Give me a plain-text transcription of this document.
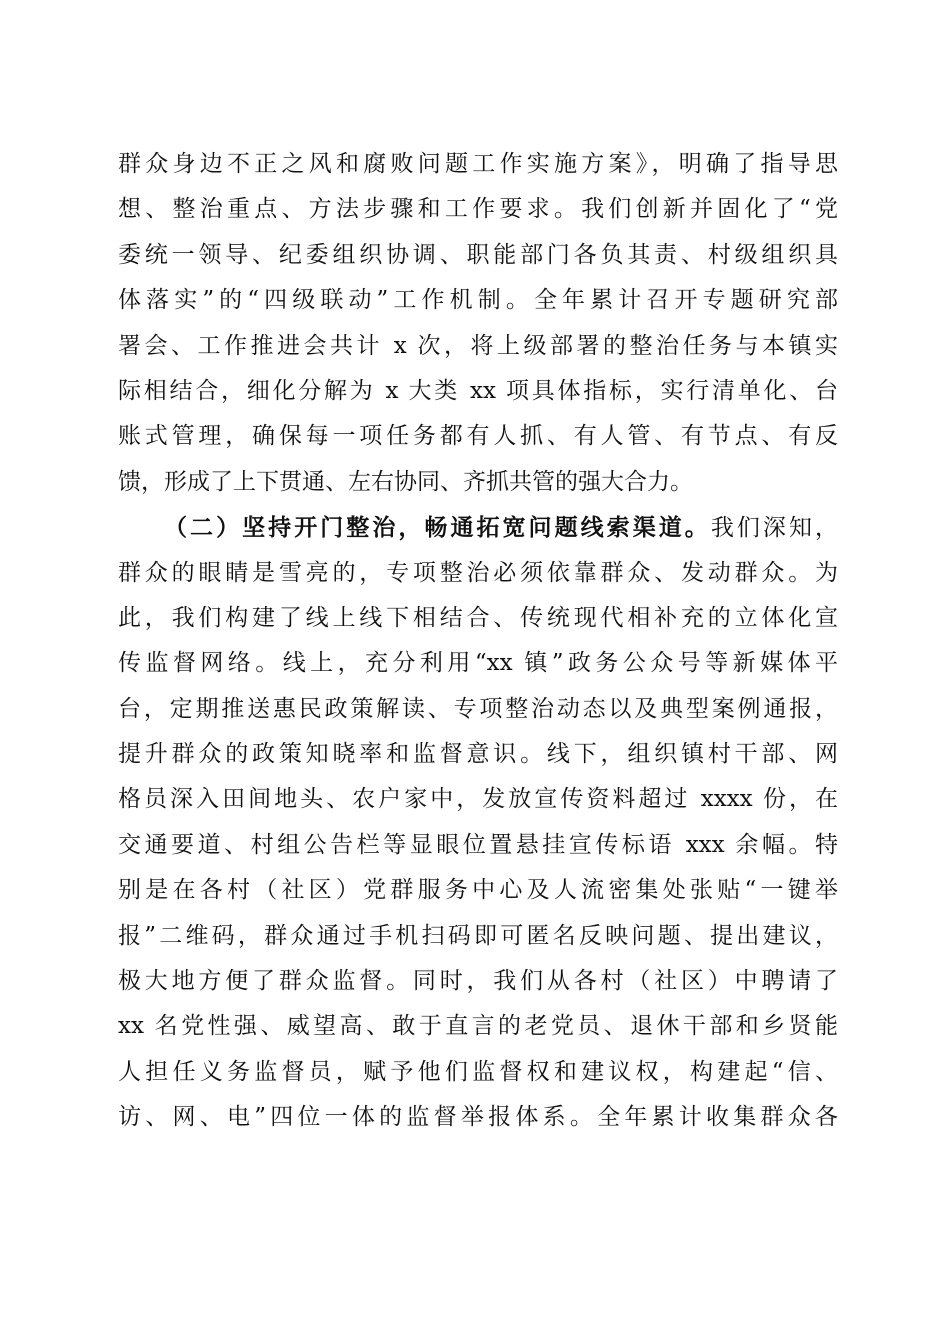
群众身边不正之风和腐败问题工作实施方案》，明确了指导思
想、整治重点、方法步骤和工作要求。我们创新并固化了“党
委统一领导、纪委组织协调、职能部门各负其责、村级组织具
体落实”的“四级联动”工作机制。全年累计召开专题研究部
署会、工作推进会共计 x 次，将上级部署的整治任务与本镇实
际相结合，细化分解为 x 大类 xx 项具体指标，实行清单化、台
账式管理，确保每一项任务都有人抓、有人管、有节点、有反
馈，形成了上下贯通、左右协同、齐抓共管的强大合力。
（二）坚持开门整治，畅通拓宽问题线索渠道。我们深知，
群众的眼睛是雪亮的，专项整治必须依靠群众、发动群众。为
此，我们构建了线上线下相结合、传统现代相补充的立体化宣
传监督网络。线上，充分利用“xx 镇”政务公众号等新媒体平
台，定期推送惠民政策解读、专项整治动态以及典型案例通报，
提升群众的政策知晓率和监督意识。线下，组织镇村干部、网
格员深入田间地头、农户家中，发放宣传资料超过 xxxx 份，在
交通要道、村组公告栏等显眼位置悬挂宣传标语 xxx 余幅。特
别是在各村（社区）党群服务中心及人流密集处张贴“一键举
报”二维码，群众通过手机扫码即可匿名反映问题、提出建议，
极大地方便了群众监督。同时，我们从各村（社区）中聘请了
xx 名党性强、威望高、敢于直言的老党员、退休干部和乡贤能
人担任义务监督员，赋予他们监督权和建议权，构建起“信、
访、网、电”四位一体的监督举报体系。全年累计收集群众各
